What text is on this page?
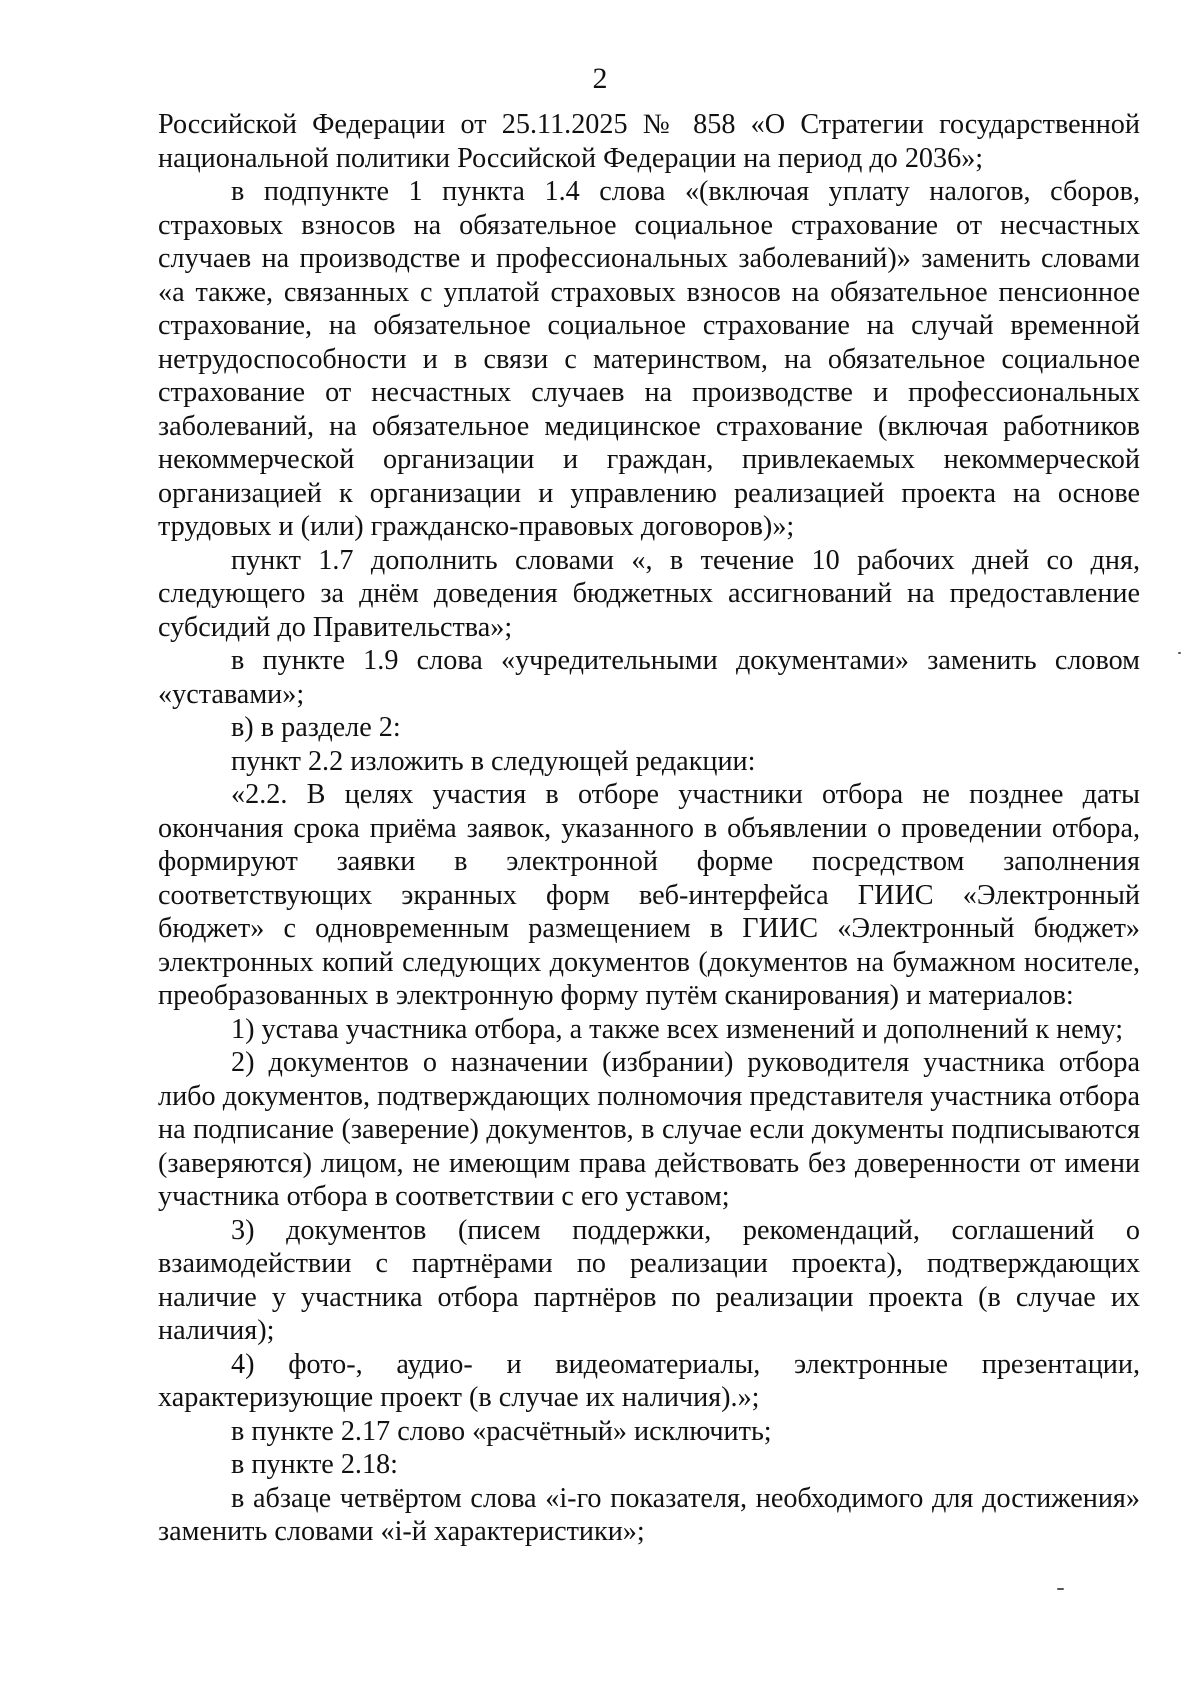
2

Российской Федерации от 25.11.2025 № 858 «О Стратегии государственной национальной политики Российской Федерации на период до 2036»;

в подпункте 1 пункта 1.4 слова «(включая уплату налогов, сборов, страховых взносов на обязательное социальное страхование от несчастных случаев на производстве и профессиональных заболеваний)» заменить словами «а также, связанных с уплатой страховых взносов на обязательное пенсионное страхование, на обязательное социальное страхование на случай временной нетрудоспособности и в связи с материнством, на обязательное социальное страхование от несчастных случаев на производстве и профессиональных заболеваний, на обязательное медицинское страхование (включая работников некоммерческой организации и граждан, привлекаемых некоммерческой организацией к организации и управлению реализацией проекта на основе трудовых и (или) гражданско-правовых договоров)»;

пункт 1.7 дополнить словами «, в течение 10 рабочих дней со дня, следующего за днём доведения бюджетных ассигнований на предоставление субсидий до Правительства»;

в пункте 1.9 слова «учредительными документами» заменить словом «уставами»;

в) в разделе 2:

пункт 2.2 изложить в следующей редакции:

«2.2. В целях участия в отборе участники отбора не позднее даты окончания срока приёма заявок, указанного в объявлении о проведении отбора, формируют заявки в электронной форме посредством заполнения соответствующих экранных форм веб-интерфейса ГИИС «Электронный бюджет» с одновременным размещением в ГИИС «Электронный бюджет» электронных копий следующих документов (документов на бумажном носителе, преобразованных в электронную форму путём сканирования) и материалов:

1) устава участника отбора, а также всех изменений и дополнений к нему;

2) документов о назначении (избрании) руководителя участника отбора либо документов, подтверждающих полномочия представителя участника отбора на подписание (заверение) документов, в случае если документы подписываются (заверяются) лицом, не имеющим права действовать без доверенности от имени участника отбора в соответствии с его уставом;

3) документов (писем поддержки, рекомендаций, соглашений о взаимодействии с партнёрами по реализации проекта), подтверждающих наличие у участника отбора партнёров по реализации проекта (в случае их наличия);

4) фото-, аудио- и видеоматериалы, электронные презентации, характеризующие проект (в случае их наличия).»;

в пункте 2.17 слово «расчётный» исключить;

в пункте 2.18:

в абзаце четвёртом слова «i-го показателя, необходимого для достижения» заменить словами «i-й характеристики»;
